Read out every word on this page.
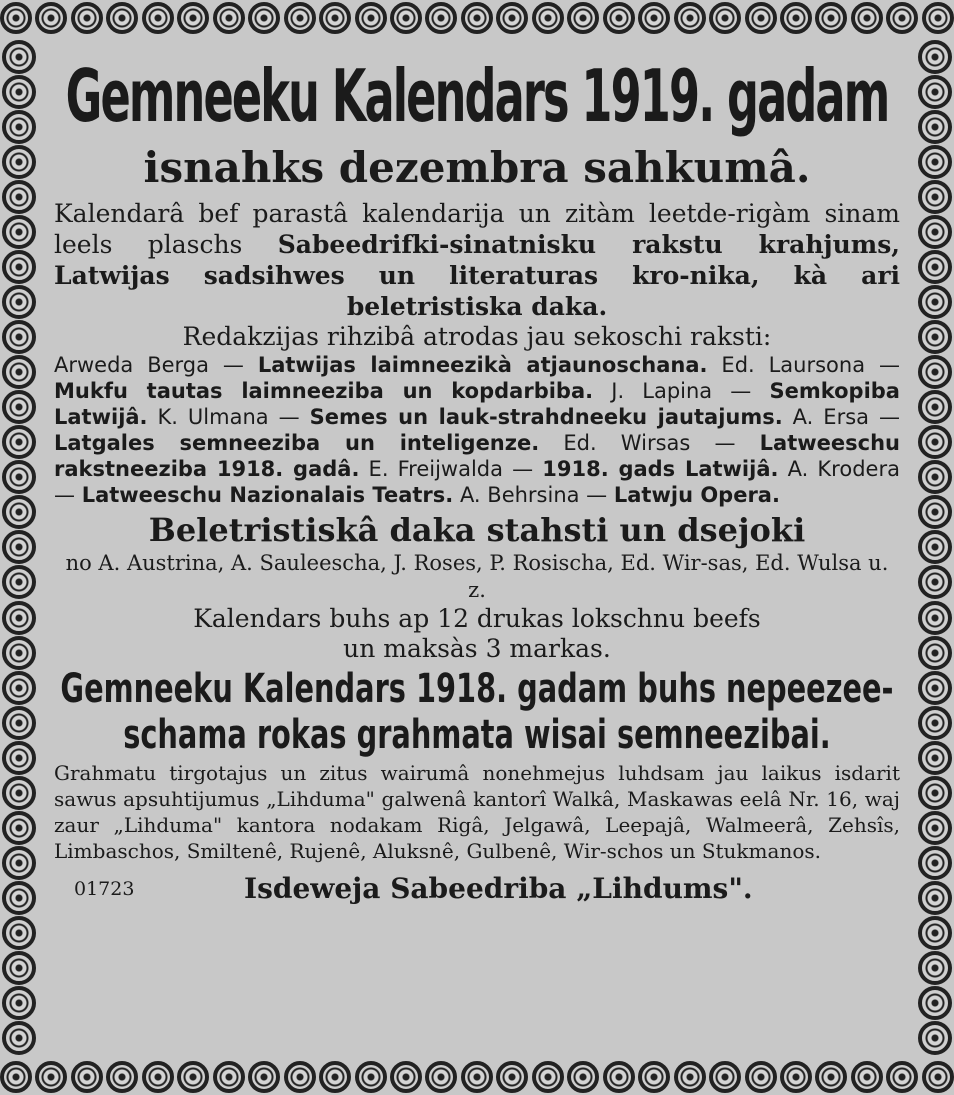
Gemneeku Kalendars 1919. gadam

isnahks dezembra sahkumâ.

Kalendarâ bef parastâ kalendarija un zitàm leetde-rigàm sinam leels plaschs Sabeedrifki-sinatnisku rakstu krahjums, Latwijas sadsihwes un literaturas kro-nika, kà ari beletristiska daka.

Redakzijas rihzibâ atrodas jau sekoschi raksti:

Arweda Berga — Latwijas laimneezikà atjaunoschana. Ed. Laursona — Mukfu tautas laimneeziba un kopdarbiba. J. Lapina — Semkopiba Latwijâ. K. Ulmana — Semes un lauk-strahdneeku jautajums. A. Ersa — Latgales semneeziba un inteligenze. Ed. Wirsas — Latweeschu rakstneeziba 1918. gadâ. E. Freijwalda — 1918. gads Latwijâ. A. Krodera — Latweeschu Nazionalais Teatrs. A. Behrsina — Latwju Opera.

Beletristiskâ daka stahsti un dsejoki

no A. Austrina, A. Sauleescha, J. Roses, P. Rosischa, Ed. Wir-sas, Ed. Wulsa u. z.

Kalendars buhs ap 12 drukas lokschnu beefs

un maksàs 3 markas.

Gemneeku Kalendars 1918. gadam buhs nepeezee-

schama rokas grahmata wisai semneezibai.

Grahmatu tirgotajus un zitus wairumâ nonehmejus luhdsam jau laikus isdarit sawus apsuhtijumus „Lihduma" galwenâ kantorî Walkâ, Maskawas eelâ Nr. 16, waj zaur „Lihduma" kantora nodakam Rigâ, Jelgawâ, Leepajâ, Walmeerâ, Zehsîs, Limbaschos, Smiltenê, Rujenê, Aluksnê, Gulbenê, Wir-schos un Stukmanos.

01723	Isdeweja Sabeedriba „Lihdums".
